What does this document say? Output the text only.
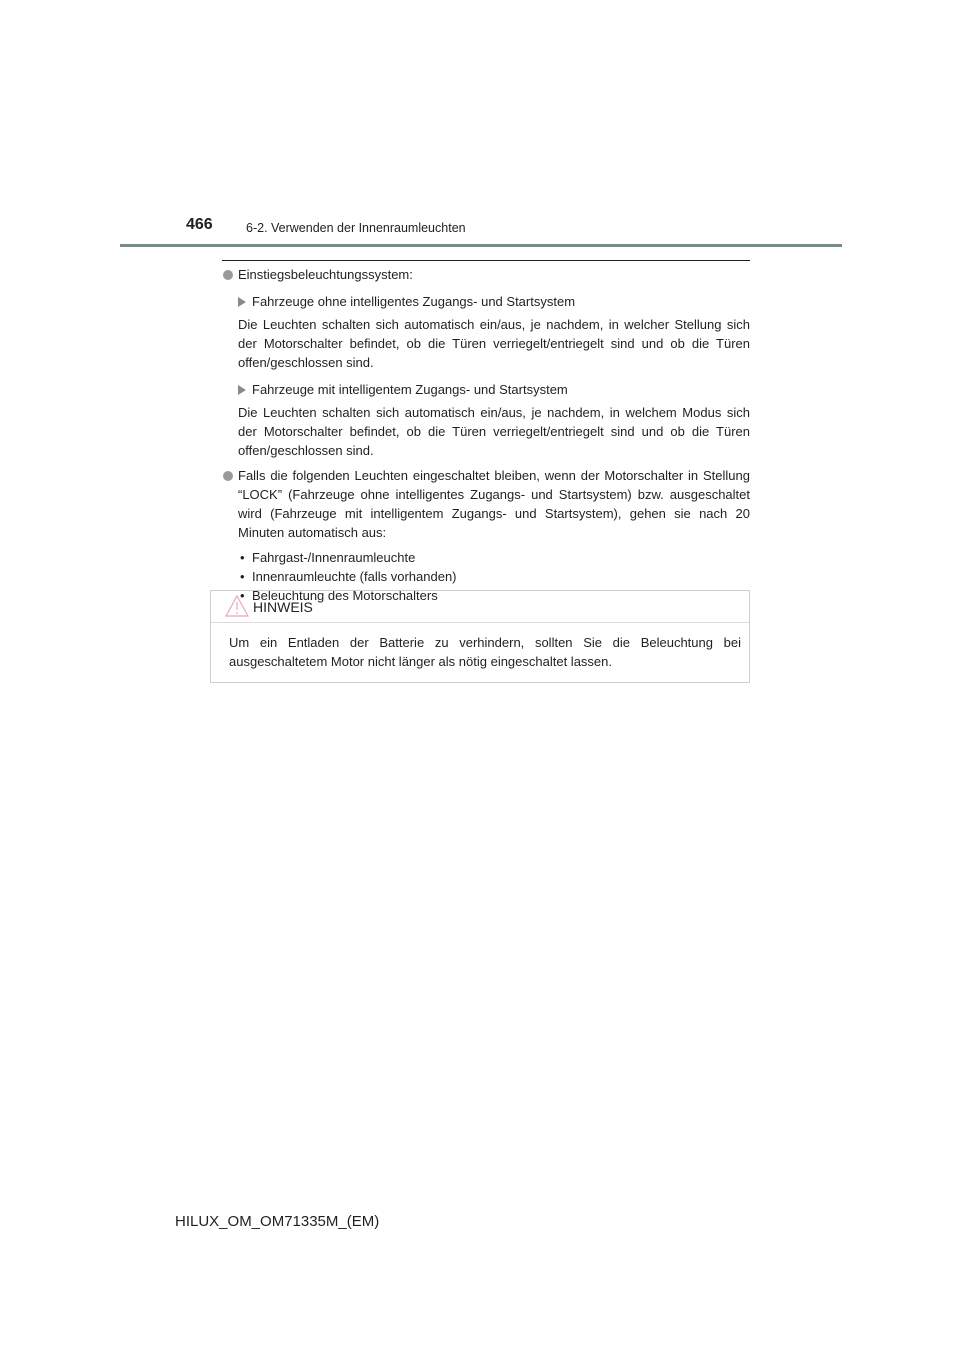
466	6-2. Verwenden der Innenraumleuchten
Einstiegsbeleuchtungssystem:
Fahrzeuge ohne intelligentes Zugangs- und Startsystem
Die Leuchten schalten sich automatisch ein/aus, je nachdem, in welcher Stellung sich der Motorschalter befindet, ob die Türen verriegelt/entriegelt sind und ob die Türen offen/geschlossen sind.
Fahrzeuge mit intelligentem Zugangs- und Startsystem
Die Leuchten schalten sich automatisch ein/aus, je nachdem, in welchem Modus sich der Motorschalter befindet, ob die Türen verriegelt/entriegelt sind und ob die Türen offen/geschlossen sind.
Falls die folgenden Leuchten eingeschaltet bleiben, wenn der Motorschalter in Stellung “LOCK” (Fahrzeuge ohne intelligentes Zugangs- und Startsystem) bzw. ausgeschaltet wird (Fahrzeuge mit intelligentem Zugangs- und Startsystem), gehen sie nach 20 Minuten automatisch aus:
• Fahrgast-/Innenraumleuchte
• Innenraumleuchte (falls vorhanden)
• Beleuchtung des Motorschalters
HINWEIS
Um ein Entladen der Batterie zu verhindern, sollten Sie die Beleuchtung bei ausgeschaltetem Motor nicht länger als nötig eingeschaltet lassen.
HILUX_OM_OM71335M_(EM)
